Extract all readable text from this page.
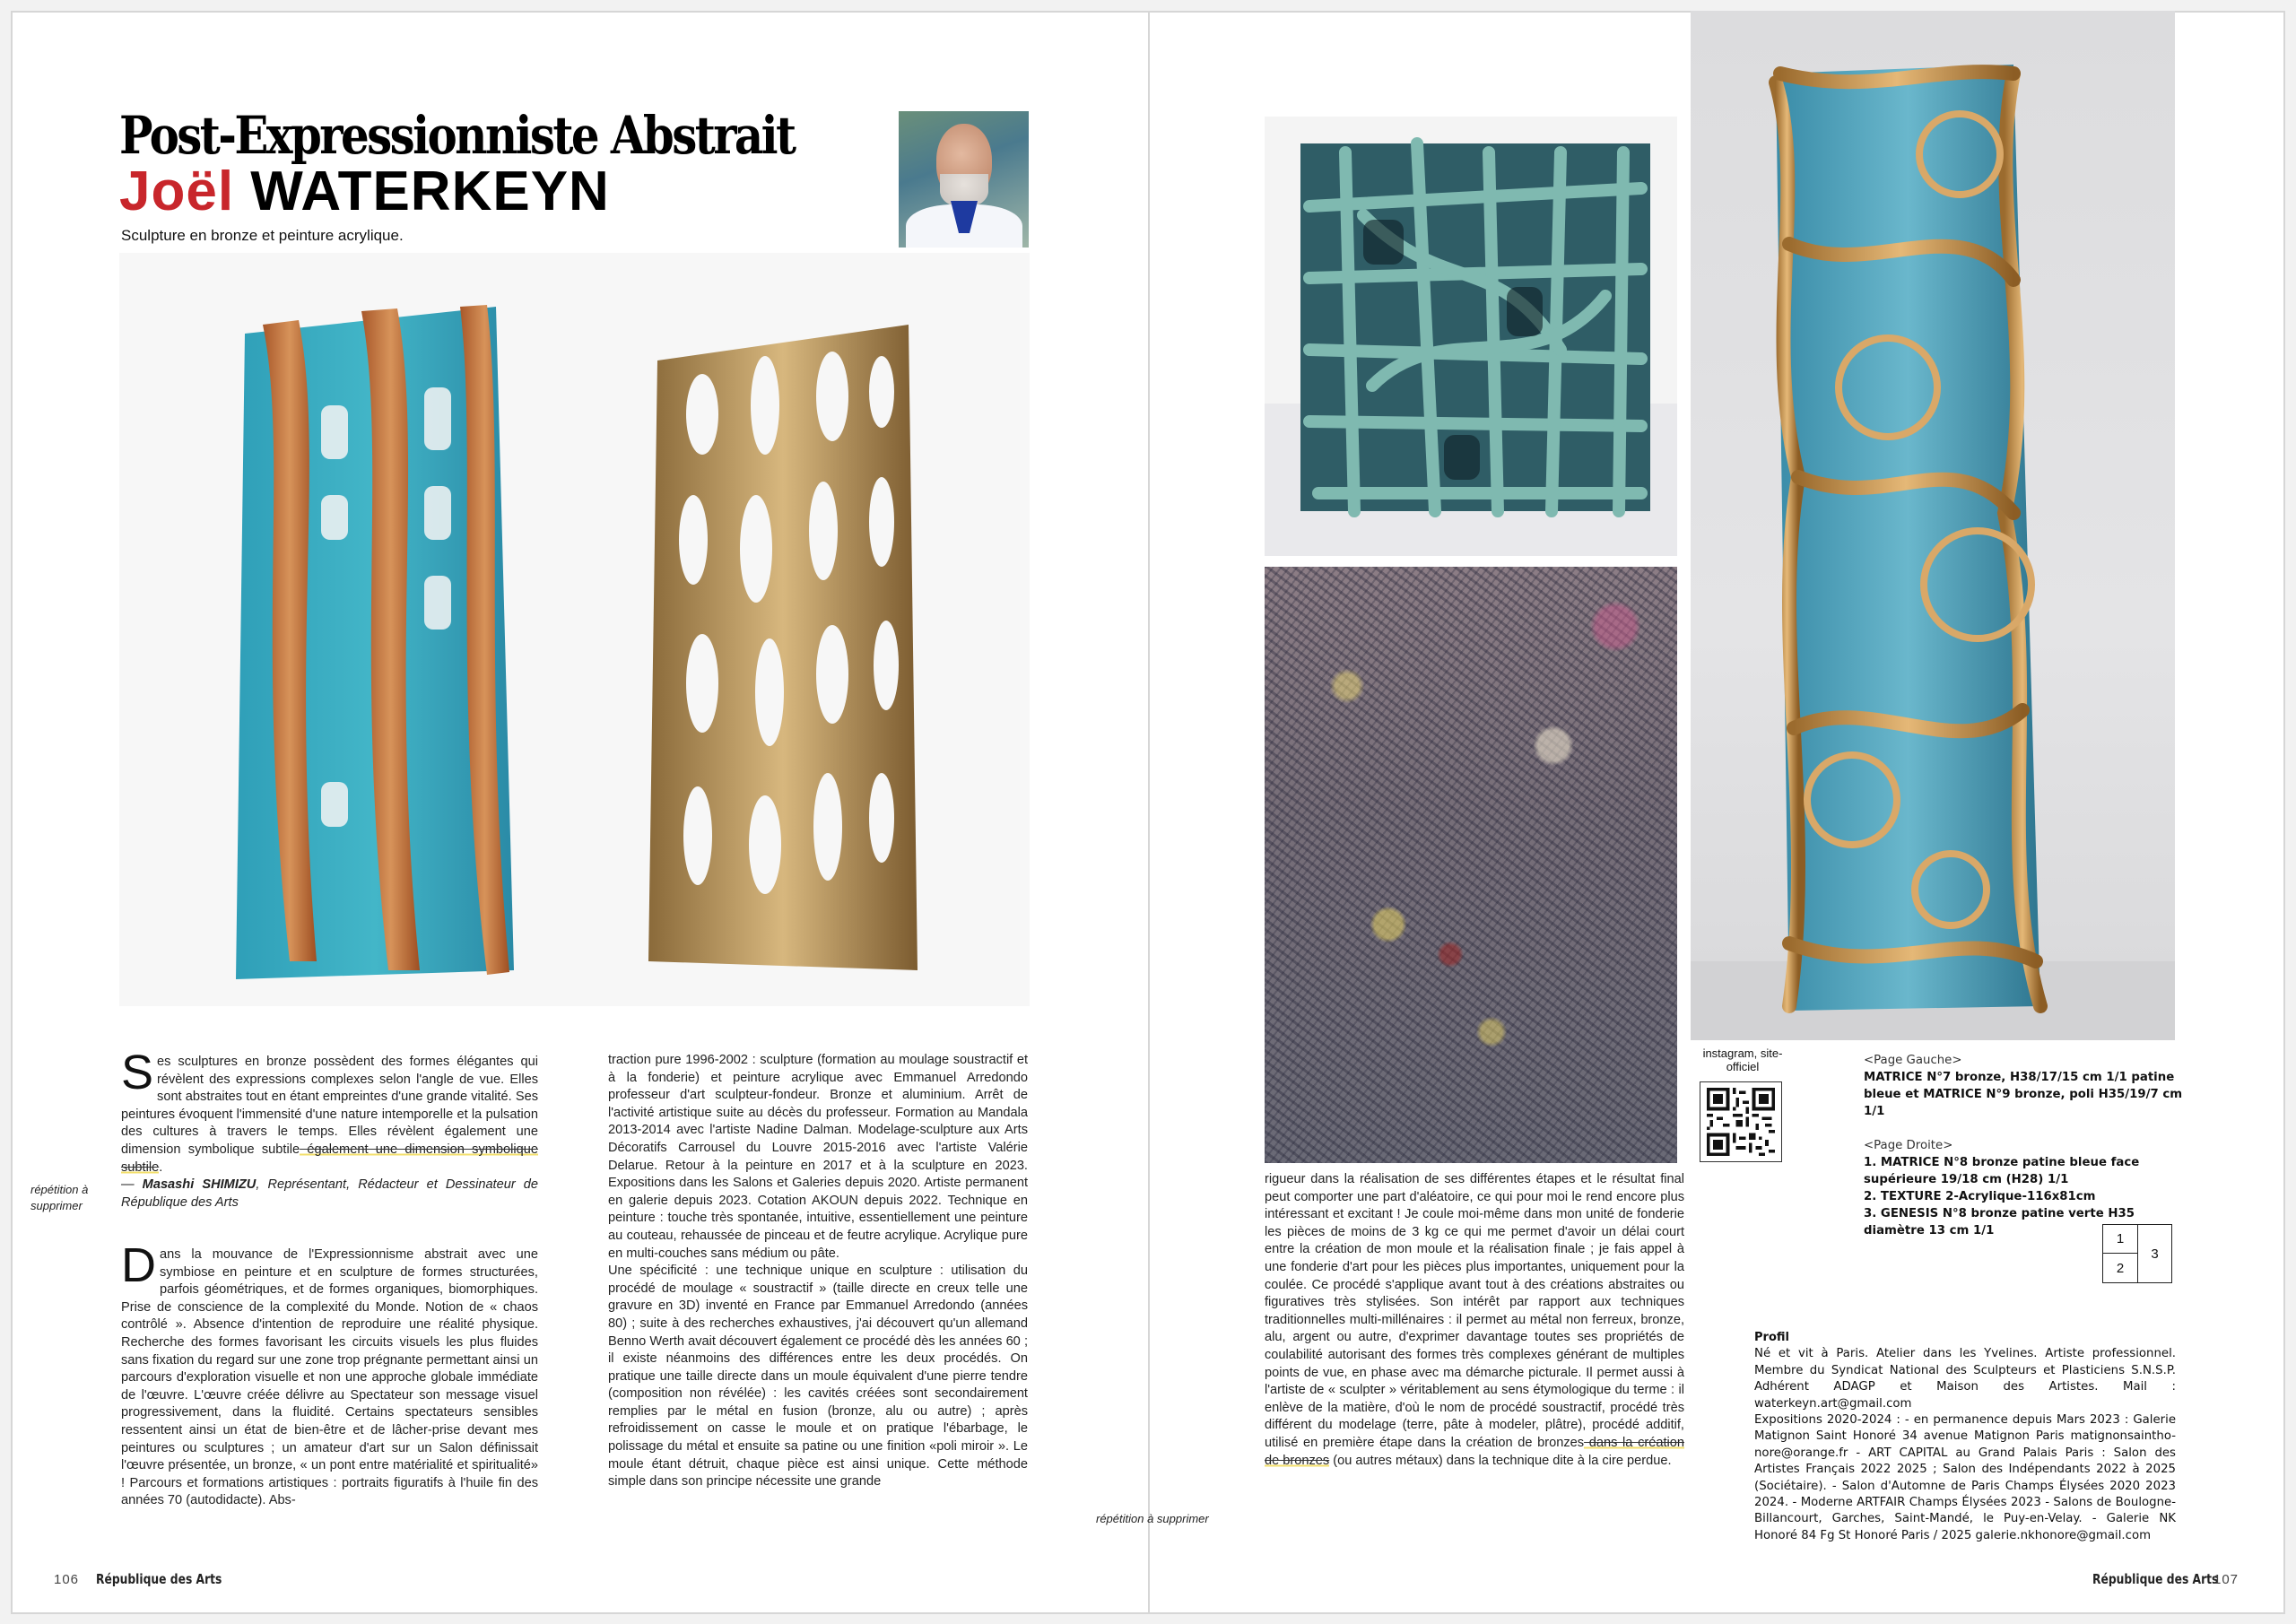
Post-Expressionniste Abstrait
Joël WATERKEYN
Sculpture en bronze et peinture acrylique.

Ses sculptures en bronze possèdent des formes élégantes qui révèlent des expressions complexes selon l'angle de vue. Elles sont abstraites tout en étant empreintes d'une grande vitalité. Ses peintures évoquent l'immensité d'une nature intemporelle et la pulsation des cultures à travers le temps. Elles révèlent également une dimension symbolique subtile également une dimension symbolique subtile.

— Masashi SHIMIZU, Représentant, Rédacteur et Dessinateur de République des Arts

Dans la mouvance de l'Expressionnisme abstrait avec une symbiose en peinture et en sculpture de formes structurées, parfois géométriques, et de formes organiques, biomorphiques. Prise de conscience de la complexité du Monde. Notion de « chaos contrôlé ». Absence d'intention de reproduire une réalité physique. Recherche des formes favorisant les circuits visuels les plus fluides sans fixation du regard sur une zone trop prégnante permettant ainsi un parcours d'exploration visuelle et non une approche globale immédiate de l'œuvre. L'œuvre créée délivre au Spectateur son message visuel progressivement, dans la fluidité. Certains spectateurs sensibles ressentent ainsi un état de bien-être et de lâcher-prise devant mes peintures ou sculptures ; un amateur d'art sur un Salon définissait l'œuvre présentée, un bronze, « un pont entre matérialité et spiritualité» ! Parcours et formations artistiques : portraits figuratifs à l'huile fin des années 70 (autodidacte). Abs-

répétition à supprimer

traction pure 1996-2002 : sculpture (formation au moulage soustractif et à la fonderie) et peinture acrylique avec Emmanuel Arredondo professeur d'art sculpteur-fondeur. Bronze et aluminium. Arrêt de l'activité artistique suite au décès du professeur. Formation au Mandala 2013-2014 avec l'artiste Nadine Dalman. Modelage-sculpture aux Arts Décoratifs Carrousel du Louvre 2015-2016 avec l'artiste Valérie Delarue. Retour à la peinture en 2017 et à la sculpture en 2023. Expositions dans les Salons et Galeries depuis 2020. Artiste permanent en galerie depuis 2023. Cotation AKOUN depuis 2022. Technique en peinture : touche très spontanée, intuitive, essentiellement une peinture au couteau, rehaussée de pinceau et de feutre acrylique. Acrylique pure en multi-couches sans médium ou pâte.

Une spécificité : une technique unique en sculpture : utilisation du procédé de moulage « soustractif » (taille directe en creux telle une gravure en 3D) inventé en France par Emmanuel Arredondo (années 80) ; suite à des recherches exhaustives, j'ai découvert qu'un allemand Benno Werth avait découvert également ce procédé dès les années 60 ; il existe néanmoins des différences entre les deux procédés. On pratique une taille directe dans un moule équivalent d'une pierre tendre (composition non révélée) : les cavités créées sont secondairement remplies par le métal en fusion (bronze, alu ou autre) ; après refroidissement on casse le moule et on pratique l'ébarbage, le polissage du métal et ensuite sa patine ou une finition «poli miroir ». Le moule étant détruit, chaque pièce est ainsi unique. Cette méthode simple dans son principe nécessite une grande

répétition à supprimer

rigueur dans la réalisation de ses différentes étapes et le résultat final peut comporter une part d'aléatoire, ce qui pour moi le rend encore plus intéressant et excitant ! Je coule moi-même dans mon unité de fonderie les pièces de moins de 3 kg ce qui me permet d'avoir un délai court entre la création de mon moule et la réalisation finale ; je fais appel à une fonderie d'art pour les pièces plus importantes, uniquement pour la coulée. Ce procédé s'applique avant tout à des créations abstraites ou figuratives très stylisées. Son intérêt par rapport aux techniques traditionnelles multi-millénaires : il permet au métal non ferreux, bronze, alu, argent ou autre, d'exprimer davantage toutes ses propriétés de coulabilité autorisant des formes très complexes générant de multiples points de vue, en phase avec ma démarche picturale. Il permet aussi à l'artiste de « sculpter » véritablement au sens étymologique du terme : il enlève de la matière, d'où le nom de procédé soustractif, procédé très différent du modelage (terre, pâte à modeler, plâtre), procédé additif, utilisé en première étape dans la création de bronzes dans la création de bronzes (ou autres métaux) dans la technique dite à la cire perdue.

instagram, site-officiel	<Page Gauche>
MATRICE N°7 bronze, H38/17/15 cm 1/1 patine bleue et MATRICE N°9 bronze, poli H35/19/7 cm 1/1
<Page Droite>
1. MATRICE N°8 bronze patine bleue face supérieure 19/18 cm (H28) 1/1
2. TEXTURE 2-Acrylique-116x81cm
3. GENESIS N°8 bronze patine verte H35 diamètre 13 cm 1/1
1
2
3
Profil
Né et vit à Paris. Atelier dans les Yvelines. Artiste professionnel. Membre du Syndicat National des Sculpteurs et Plasticiens S.N.S.P. Adhérent ADAGP et Maison des Artistes. Mail : waterkeyn.art@gmail.com
Expositions 2020-2024 : - en permanence depuis Mars 2023 : Galerie Matignon Saint Honoré 34 avenue Matignon Paris matignonsaintho-nore@orange.fr - ART CAPITAL au Grand Palais Paris : Salon des Artistes Français 2022 2025 ; Salon des Indépendants 2022 à 2025 (Sociétaire). - Salon d'Automne de Paris Champs Élysées 2020 2023 2024. - Moderne ARTFAIR Champs Élysées 2023 - Salons de Boulogne-Billancourt, Garches, Saint-Mandé, le Puy-en-Velay. - Galerie NK Honoré 84 Fg St Honoré Paris / 2025 galerie.nkhonore@gmail.com
106 République des Arts	République des Arts
107
